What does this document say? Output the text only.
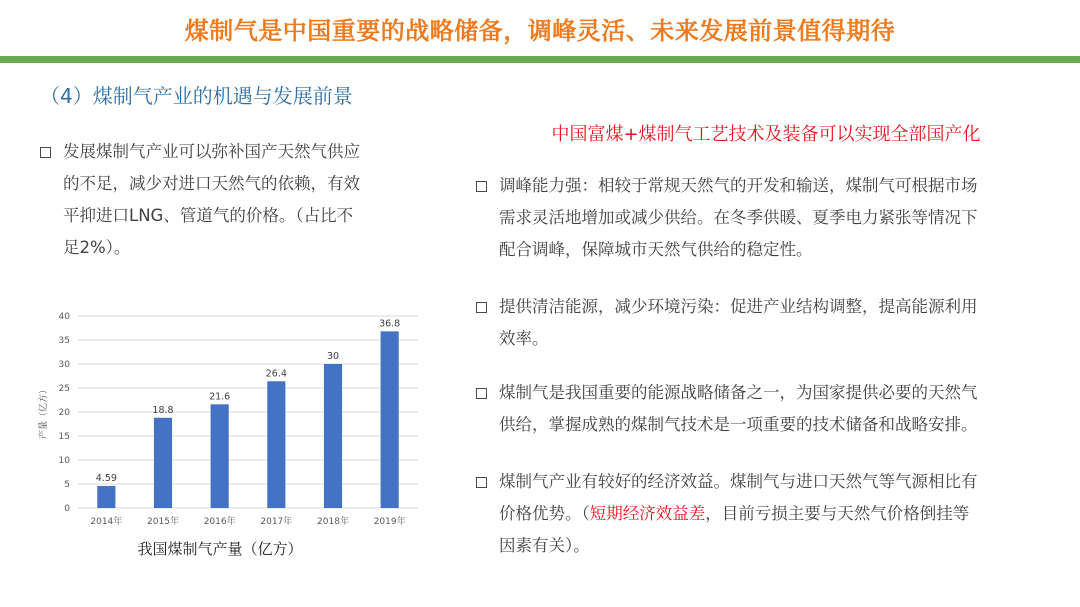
煤制气是中国重要的战略储备，调峰灵活、未来发展前景值得期待
（4）煤制气产业的机遇与发展前景
发展煤制气产业可以弥补国产天然气供应
的不足，减少对进口天然气的依赖，有效
平抑进口LNG、管道气的价格。（占比不
足2%）。
0
5
10
15
20
25
30
35
40
产量（亿方）
4.59
2014年
18.8
2015年
21.6
2016年
26.4
2017年
30
2018年
36.8
2019年
我国煤制气产量（亿方）
中国富煤+煤制气工艺技术及装备可以实现全部国产化
调峰能力强：相较于常规天然气的开发和输送，煤制气可根据市场
需求灵活地增加或减少供给。在冬季供暖、夏季电力紧张等情况下
配合调峰，保障城市天然气供给的稳定性。
提供清洁能源，减少环境污染：促进产业结构调整，提高能源利用
效率。
煤制气是我国重要的能源战略储备之一，为国家提供必要的天然气
供给，掌握成熟的煤制气技术是一项重要的技术储备和战略安排。
煤制气产业有较好的经济效益。煤制气与进口天然气等气源相比有
价格优势。（短期经济效益差，目前亏损主要与天然气价格倒挂等
因素有关）。
